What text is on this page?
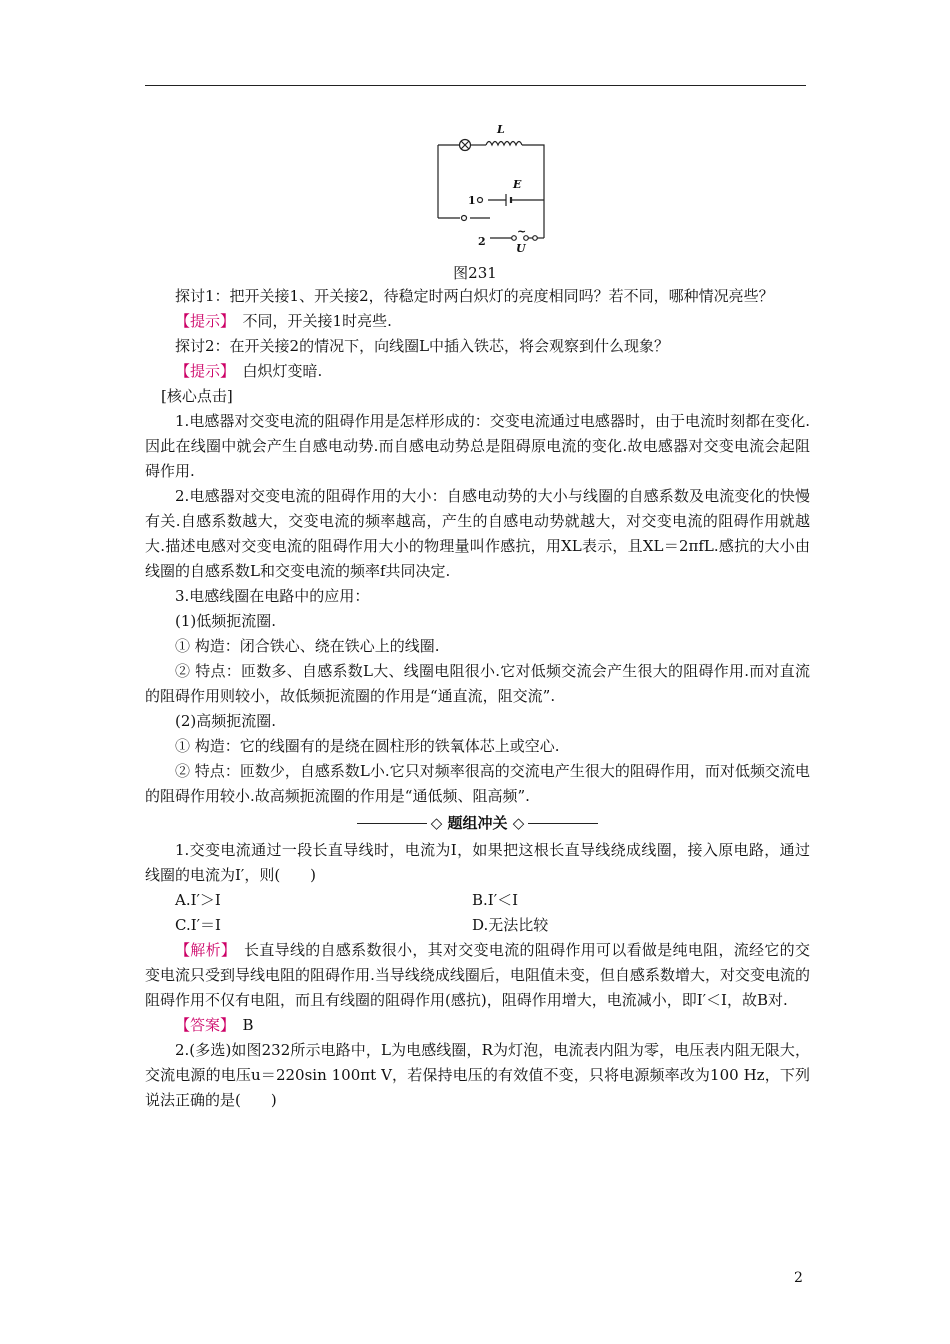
L
E
1
2
~
U
图231

探讨1：把开关接1、开关接2，待稳定时两白炽灯的亮度相同吗？若不同，哪种情况亮些？

【提示】　 不同，开关接1时亮些.

探讨2：在开关接2的情况下，向线圈L中插入铁芯，将会观察到什么现象？

【提示】　 白炽灯变暗.

[核心点击]

1.电感器对交变电流的阻碍作用是怎样形成的：交变电流通过电感器时，由于电流时刻都在变化.因此在线圈中就会产生自感电动势.而自感电动势总是阻碍原电流的变化.故电感器对交变电流会起阻碍作用.

2.电感器对交变电流的阻碍作用的大小：自感电动势的大小与线圈的自感系数及电流变化的快慢有关.自感系数越大，交变电流的频率越高，产生的自感电动势就越大，对交变电流的阻碍作用就越大.描述电感对交变电流的阻碍作用大小的物理量叫作感抗，用XL表示，且XL＝2πfL.感抗的大小由线圈的自感系数L和交变电流的频率f共同决定.

3.电感线圈在电路中的应用：

(1)低频扼流圈.

① 构造：闭合铁心、绕在铁心上的线圈.

② 特点：匝数多、自感系数L大、线圈电阻很小.它对低频交流会产生很大的阻碍作用.而对直流的阻碍作用则较小，故低频扼流圈的作用是“通直流，阻交流”.

(2)高频扼流圈.

① 构造：它的线圈有的是绕在圆柱形的铁氧体芯上或空心.

② 特点：匝数少，自感系数L小.它只对频率很高的交流电产生很大的阻碍作用，而对低频交流电的阻碍作用较小.故高频扼流圈的作用是“通低频、阻高频”.

◇ 题组冲关 ◇

1.交变电流通过一段长直导线时，电流为I，如果把这根长直导线绕成线圈，接入原电路，通过线圈的电流为I′，则(　　)

A.I′＞I	B.I′＜I
C.I′＝I	D.无法比较

【解析】　 长直导线的自感系数很小，其对交变电流的阻碍作用可以看做是纯电阻，流经它的交变电流只受到导线电阻的阻碍作用.当导线绕成线圈后，电阻值未变，但自感系数增大，对交变电流的阻碍作用不仅有电阻，而且有线圈的阻碍作用(感抗)，阻碍作用增大，电流减小，即I′＜I，故B对.

【答案】　 B

2.(多选)如图232所示电路中，L为电感线圈，R为灯泡，电流表内阻为零，电压表内阻无限大，交流电源的电压u＝220sin 100πt V，若保持电压的有效值不变，只将电源频率改为100 Hz，下列说法正确的是(　　)

2
